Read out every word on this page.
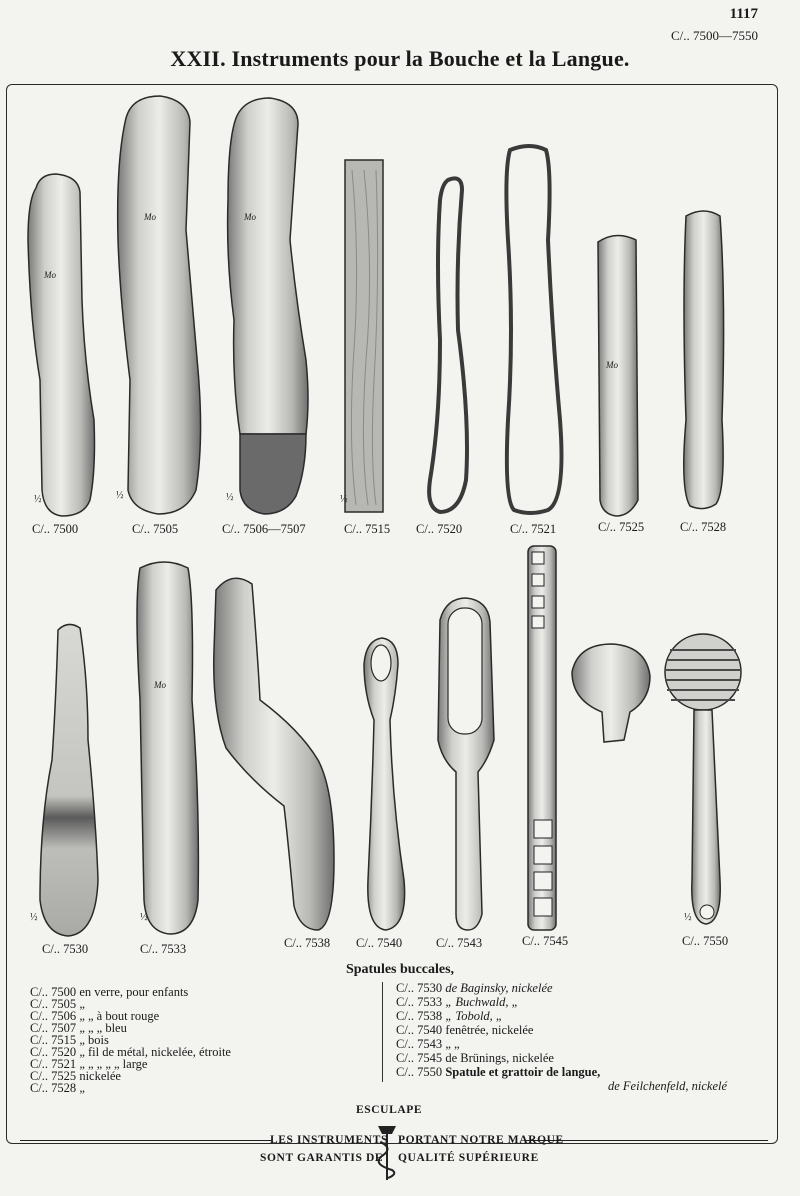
1117
C/.. 7500—7550
XXII. Instruments pour la Bouche et la Langue.
C/.. 7500	C/.. 7505	C/.. 7506—7507	C/.. 7515 C/.. 7520	C/.. 7521	C/.. 7525	C/.. 7528
C/.. 7530	C/.. 7533	C/.. 7538 C/.. 7540	C/.. 7543	C/.. 7545	C/.. 7550
½	½	½	½
½	½	½
Mo
Mo	Mo
Mo
Mo
Spatules buccales,
C/.. 7500 en verre, pour enfants
C/.. 7505 „
C/.. 7506 „ „ à bout rouge
C/.. 7507 „ „ „ bleu
C/.. 7515 „ bois
C/.. 7520 „ fil de métal, nickelée, étroite
C/.. 7521 „ „ „ „ „ large
C/.. 7525 nickelée
C/.. 7528 „
C/.. 7530 de Baginsky, nickelée
C/.. 7533 „ Buchwald, „
C/.. 7538 „ Tobold, „
C/.. 7540 fenêtrée, nickelée
C/.. 7543 „ „
C/.. 7545 de Brünings, nickelée
C/.. 7550 Spatule et grattoir de langue,
de Feilchenfeld, nickelé
ESCULAPE
LES INSTRUMENTS PORTANT NOTRE MARQUE
SONT GARANTIS DE QUALITÉ SUPÉRIEURE
